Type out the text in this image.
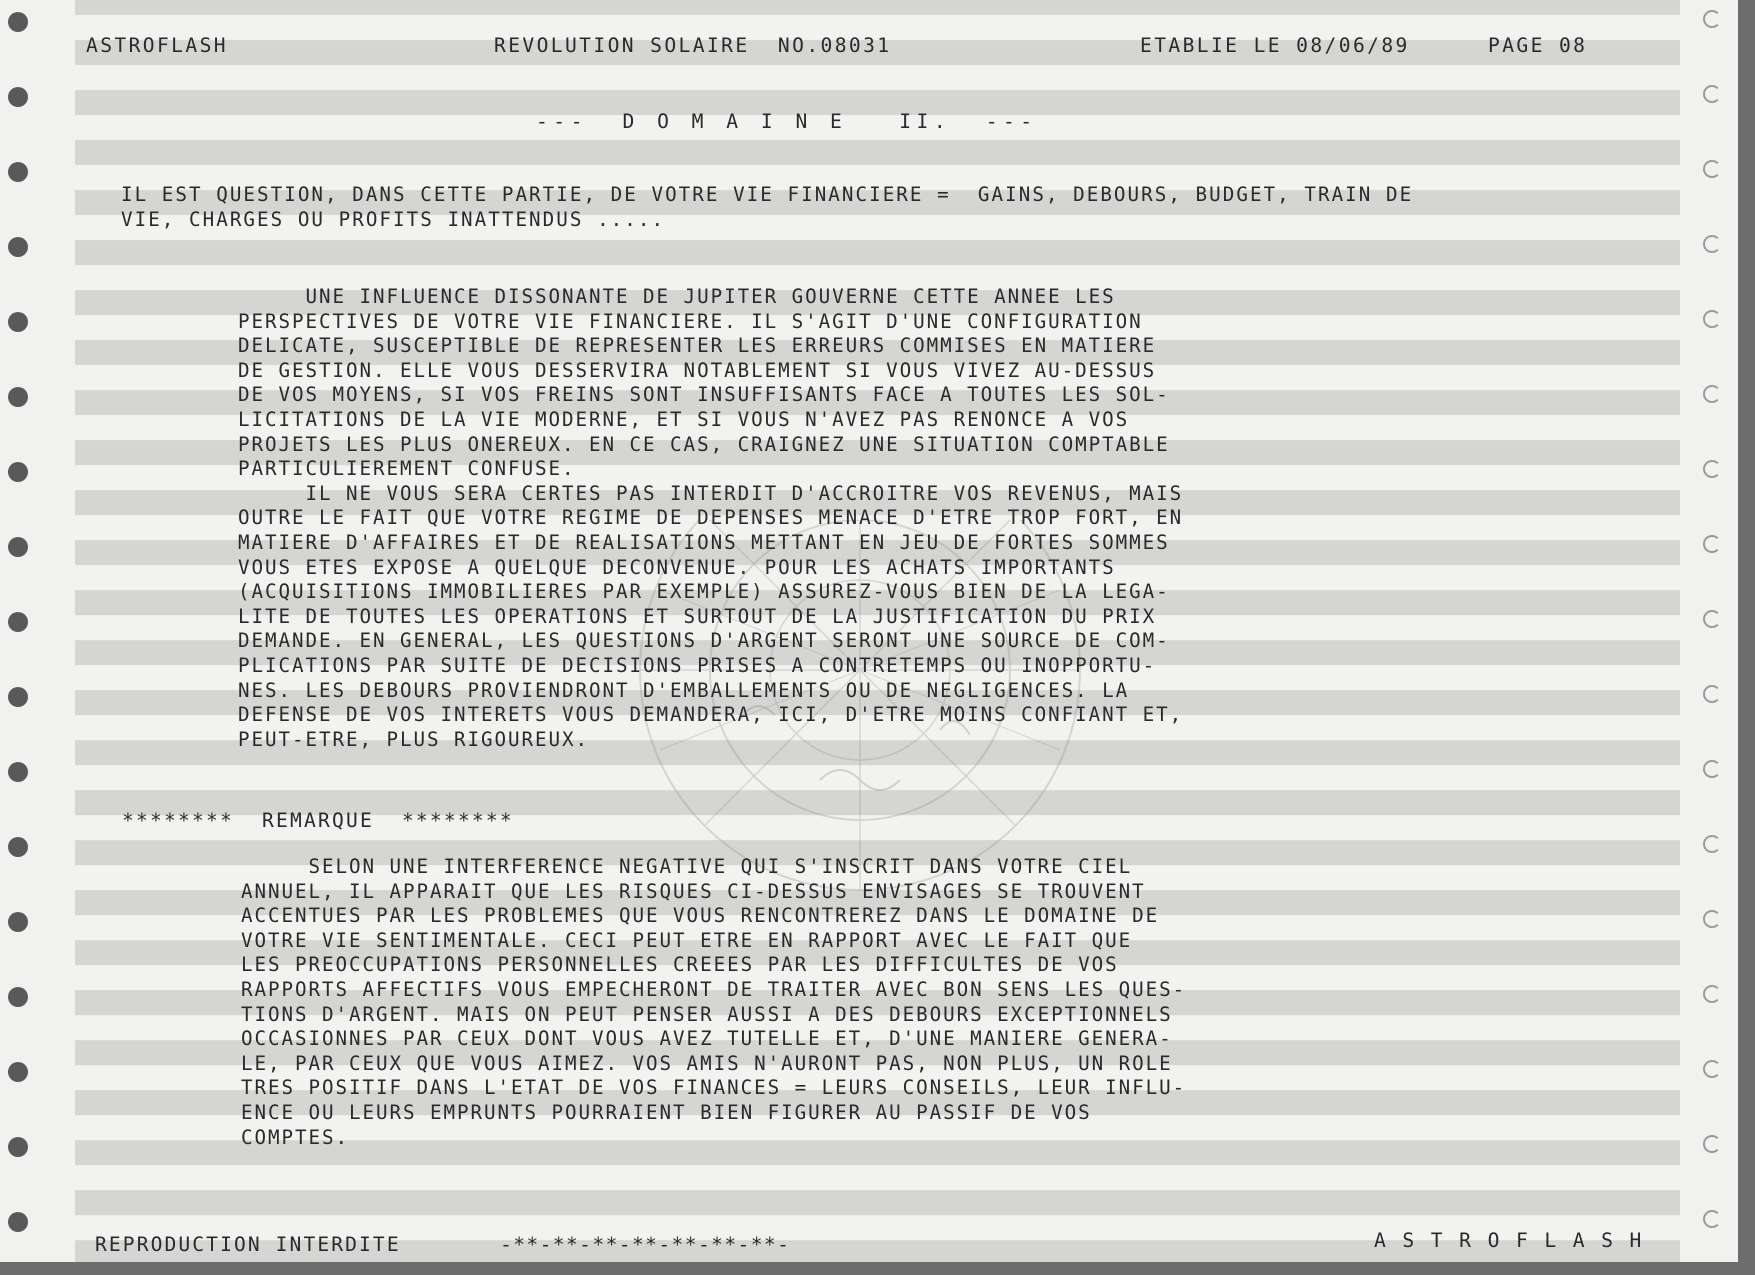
ASTROFLASH	REVOLUTION SOLAIRE  NO.08031	ETABLIE LE 08/06/89	PAGE 08
---  D O M A I N E   II.  ---
IL EST QUESTION, DANS CETTE PARTIE, DE VOTRE VIE FINANCIERE =  GAINS, DEBOURS, BUDGET, TRAIN DE
VIE, CHARGES OU PROFITS INATTENDUS .....
UNE INFLUENCE DISSONANTE DE JUPITER GOUVERNE CETTE ANNEE LES
PERSPECTIVES DE VOTRE VIE FINANCIERE. IL S'AGIT D'UNE CONFIGURATION
DELICATE, SUSCEPTIBLE DE REPRESENTER LES ERREURS COMMISES EN MATIERE
DE GESTION. ELLE VOUS DESSERVIRA NOTABLEMENT SI VOUS VIVEZ AU-DESSUS
DE VOS MOYENS, SI VOS FREINS SONT INSUFFISANTS FACE A TOUTES LES SOL-
LICITATIONS DE LA VIE MODERNE, ET SI VOUS N'AVEZ PAS RENONCE A VOS
PROJETS LES PLUS ONEREUX. EN CE CAS, CRAIGNEZ UNE SITUATION COMPTABLE
PARTICULIEREMENT CONFUSE.
IL NE VOUS SERA CERTES PAS INTERDIT D'ACCROITRE VOS REVENUS, MAIS
OUTRE LE FAIT QUE VOTRE REGIME DE DEPENSES MENACE D'ETRE TROP FORT, EN
MATIERE D'AFFAIRES ET DE REALISATIONS METTANT EN JEU DE FORTES SOMMES
VOUS ETES EXPOSE A QUELQUE DECONVENUE. POUR LES ACHATS IMPORTANTS
(ACQUISITIONS IMMOBILIERES PAR EXEMPLE) ASSUREZ-VOUS BIEN DE LA LEGA-
LITE DE TOUTES LES OPERATIONS ET SURTOUT DE LA JUSTIFICATION DU PRIX
DEMANDE. EN GENERAL, LES QUESTIONS D'ARGENT SERONT UNE SOURCE DE COM-
PLICATIONS PAR SUITE DE DECISIONS PRISES A CONTRETEMPS OU INOPPORTU-
NES. LES DEBOURS PROVIENDRONT D'EMBALLEMENTS OU DE NEGLIGENCES. LA
DEFENSE DE VOS INTERETS VOUS DEMANDERA, ICI, D'ETRE MOINS CONFIANT ET,
PEUT-ETRE, PLUS RIGOUREUX.
********  REMARQUE  ********
SELON UNE INTERFERENCE NEGATIVE QUI S'INSCRIT DANS VOTRE CIEL
ANNUEL, IL APPARAIT QUE LES RISQUES CI-DESSUS ENVISAGES SE TROUVENT
ACCENTUES PAR LES PROBLEMES QUE VOUS RENCONTREREZ DANS LE DOMAINE DE
VOTRE VIE SENTIMENTALE. CECI PEUT ETRE EN RAPPORT AVEC LE FAIT QUE
LES PREOCCUPATIONS PERSONNELLES CREEES PAR LES DIFFICULTES DE VOS
RAPPORTS AFFECTIFS VOUS EMPECHERONT DE TRAITER AVEC BON SENS LES QUES-
TIONS D'ARGENT. MAIS ON PEUT PENSER AUSSI A DES DEBOURS EXCEPTIONNELS
OCCASIONNES PAR CEUX DONT VOUS AVEZ TUTELLE ET, D'UNE MANIERE GENERA-
LE, PAR CEUX QUE VOUS AIMEZ. VOS AMIS N'AURONT PAS, NON PLUS, UN ROLE
TRES POSITIF DANS L'ETAT DE VOS FINANCES = LEURS CONSEILS, LEUR INFLU-
ENCE OU LEURS EMPRUNTS POURRAIENT BIEN FIGURER AU PASSIF DE VOS
COMPTES.
REPRODUCTION INTERDITE	-**-**-**-**-**-**-**-	A S T R O F L A S H
